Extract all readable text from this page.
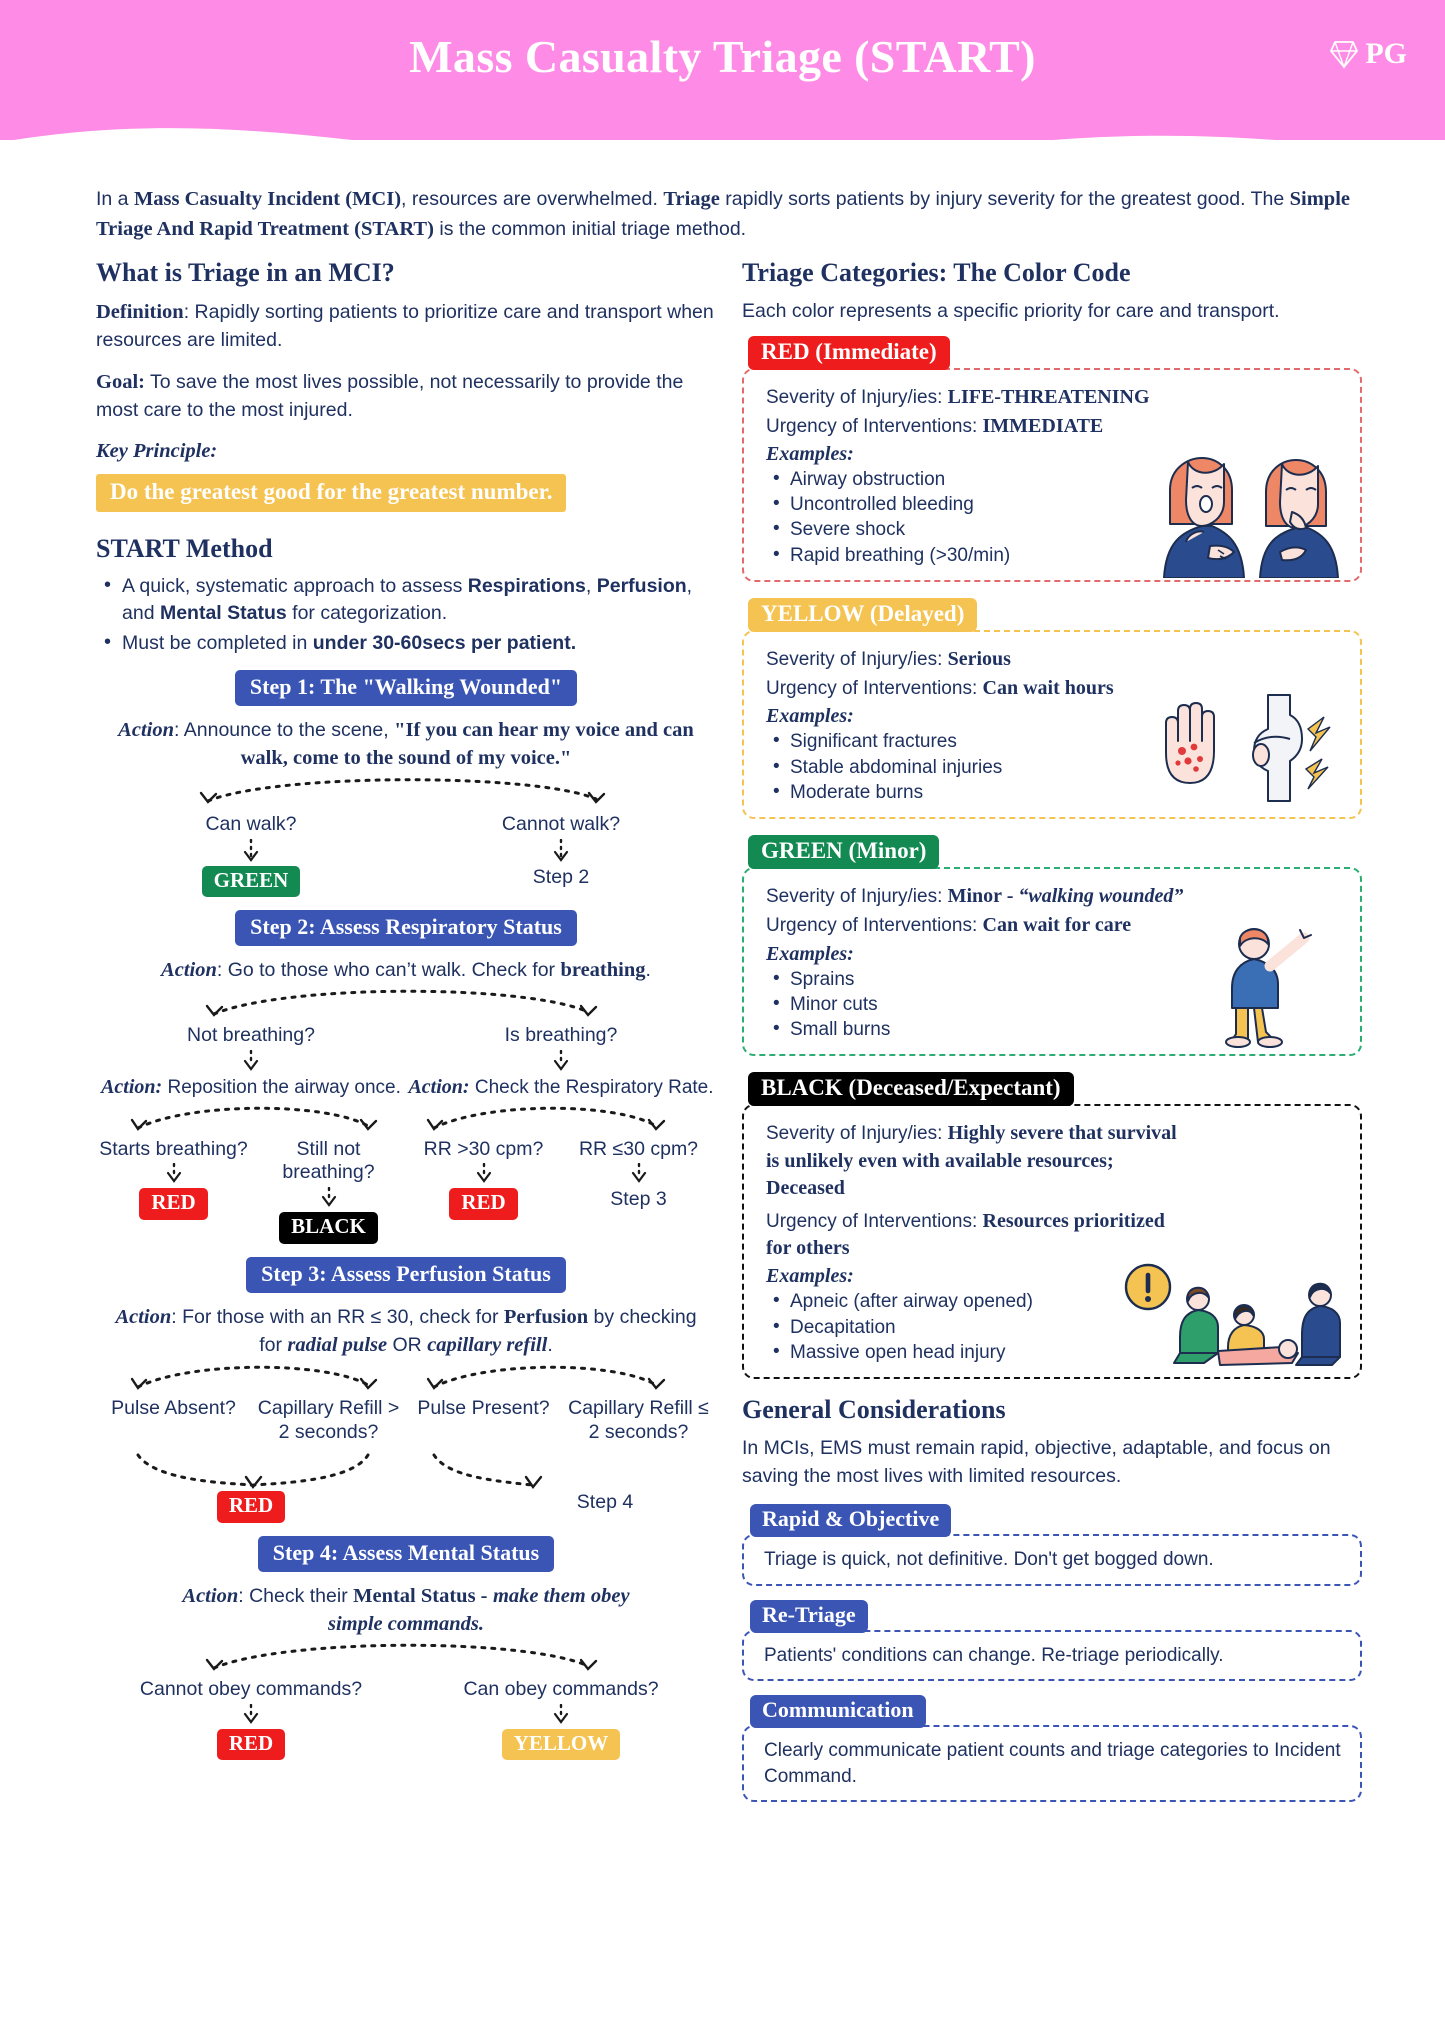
Mass Casualty Triage (START)	PG
In a Mass Casualty Incident (MCI), resources are overwhelmed. Triage rapidly sorts patients by injury severity for the greatest good. The Simple Triage And Rapid Treatment (START) is the common initial triage method.
What is Triage in an MCI?

Definition: Rapidly sorting patients to prioritize care and transport when resources are limited.

Goal: To save the most lives possible, not necessarily to provide the most care to the most injured.

Key Principle:

Do the greatest good for the greatest number.
START Method
• A quick, systematic approach to assess Respirations, Perfusion, and Mental Status for categorization.
• Must be completed in under 30-60secs per patient.
Step 1: The "Walking Wounded"
Action: Announce to the scene, "If you can hear my voice and can walk, come to the sound of my voice."
Can walk?
GREEN
Cannot walk?
Step 2
Step 2: Assess Respiratory Status
Action: Go to those who can’t walk. Check for breathing.
Not breathing?
Action: Reposition the airway once.
Is breathing?
Action: Check the Respiratory Rate.
Starts breathing?
RED
Still not breathing?
BLACK
RR >30 cpm?
RED
RR ≤30 cpm?
Step 3
Step 3: Assess Perfusion Status
Action: For those with an RR ≤ 30, check for Perfusion by checking for radial pulse OR capillary refill.
Pulse Absent?	Capillary Refill > 2 seconds?
Pulse Present? Capillary Refill ≤ 2 seconds?
RED	Step 4
Step 4: Assess Mental Status
Action: Check their Mental Status - make them obey simple commands.
Cannot obey commands?
RED
Can obey commands?
YELLOW
Triage Categories: The Color Code

Each color represents a specific priority for care and transport.

RED (Immediate)

Severity of Injury/ies: LIFE-THREATENING

Urgency of Interventions: IMMEDIATE

Examples:
• Airway obstruction
• Uncontrolled bleeding
• Severe shock
• Rapid breathing (>30/min)
YELLOW (Delayed)

Severity of Injury/ies: Serious

Urgency of Interventions: Can wait hours

Examples:
• Significant fractures
• Stable abdominal injuries
• Moderate burns
GREEN (Minor)

Severity of Injury/ies: Minor - “walking wounded”

Urgency of Interventions: Can wait for care

Examples:
• Sprains
• Minor cuts
• Small burns
BLACK (Deceased/Expectant)

Severity of Injury/ies: Highly severe that survival is unlikely even with available resources; Deceased

Urgency of Interventions: Resources prioritized for others

Examples:
• Apneic (after airway opened)
• Decapitation
• Massive open head injury
General Considerations

In MCIs, EMS must remain rapid, objective, adaptable, and focus on saving the most lives with limited resources.

Rapid & Objective

Triage is quick, not definitive. Don't get bogged down.

Re-Triage

Patients' conditions can change. Re-triage periodically.

Communication

Clearly communicate patient counts and triage categories to Incident Command.
